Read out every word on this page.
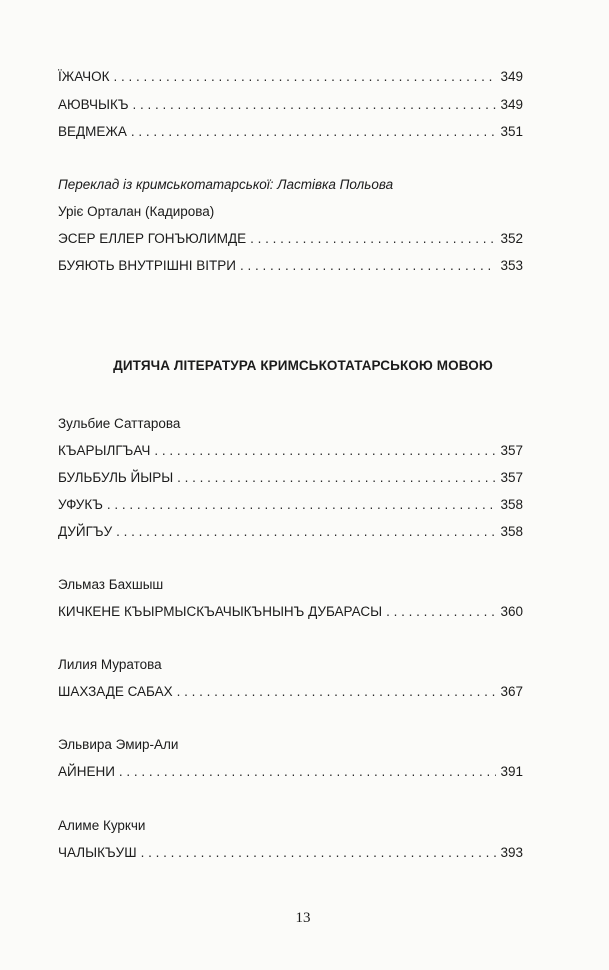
ЇЖАЧОК . . .	349
АЮВЧЫКЪ . . .	349
ВЕДМЕЖА . . .	351
Переклад із кримськотатарської: Ластівка Польова
Урiє Орталан (Кадирова)
ЭСЕР ЕЛЛЕР ГОНЪЮЛИМДЕ . . .	352
БУЯЮТЬ ВНУТРІШНІ ВІТРИ . . .	353
ДИТЯЧА ЛІТЕРАТУРА КРИМСЬКОТАТАРСЬКОЮ МОВОЮ
Зульбие Саттарова
КЪАРЫЛГЪАЧ . . .	357
БУЛЬБУЛЬ ЙЫРЫ . . .	357
УФУКЪ . . .	358
ДУЙГЪУ . . .	358
Эльмаз Бахшыш
КИЧКЕНЕ КЪЫРМЫСКЪАЧЫКЪНЫНЪ ДУБАРАСЫ . . .	360
Лилия Муратова
ШАХЗАДЕ САБАХ . . .	367
Эльвира Эмир-Али
АЙНЕНИ . . .	391
Алиме Куркчи
ЧАЛЫКЪУШ . . .	393
13
